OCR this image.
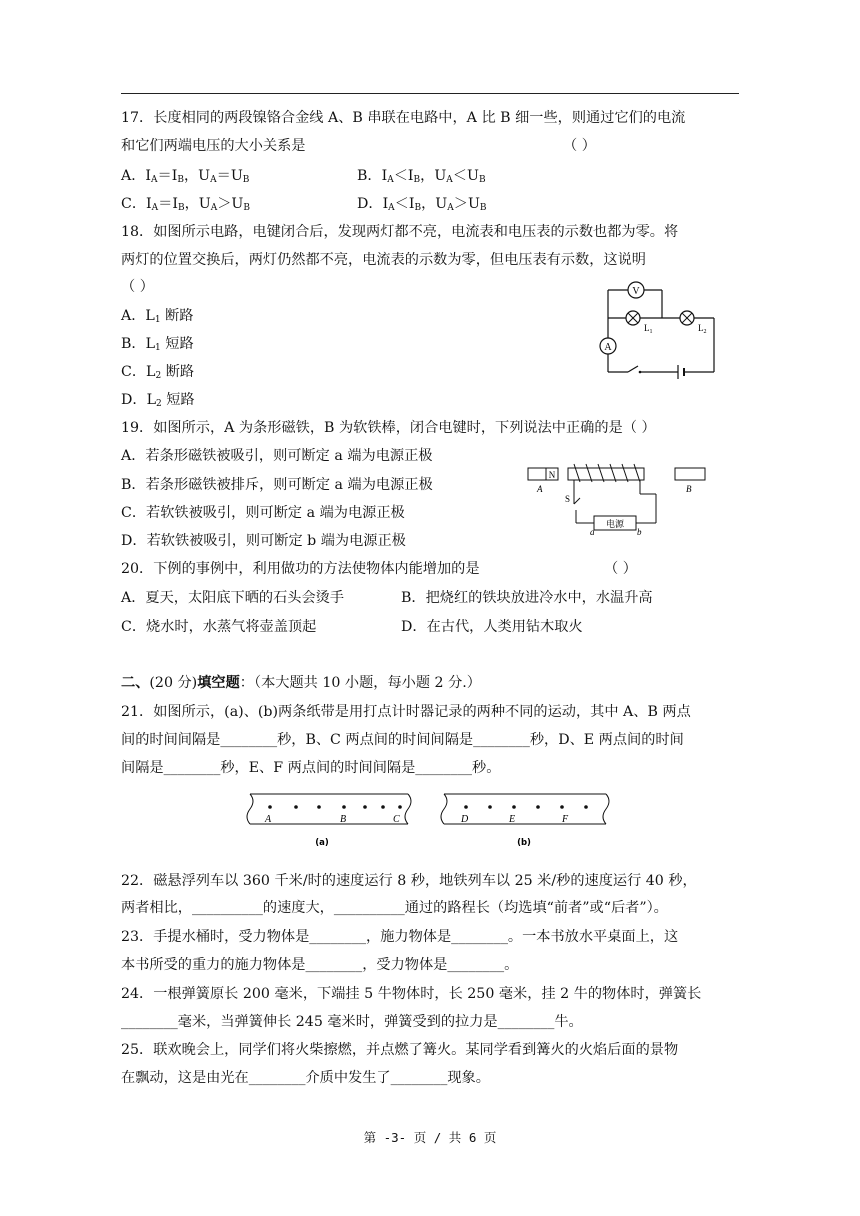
17．长度相同的两段镍铬合金线 A、B 串联在电路中，A 比 B 细一些，则通过它们的电流
和它们两端电压的大小关系是	（ ）
A．$I_A=I_B$，$U_A=U_B$	B．$I_A<I_B$，$U_A<U_B$
C．$I_A=I_B$，$U_A>U_B$	D．$I_A<I_B$，$U_A>U_B$
18．如图所示电路，电键闭合后，发现两灯都不亮，电流表和电压表的示数也都为零。将
两灯的位置交换后，两灯仍然都不亮，电流表的示数为零，但电压表有示数，这说明
（ ）
A．$L_1$ 断路
B．$L_1$ 短路
C．$L_2$ 断路
D．$L_2$ 短路
V
$L_1$	$L_2$
A
19．如图所示，A 为条形磁铁，B 为软铁棒，闭合电键时，下列说法中正确的是（ ）
A．若条形磁铁被吸引，则可断定 a 端为电源正极
B．若条形磁铁被排斥，则可断定 a 端为电源正极
C．若软铁被吸引，则可断定 a 端为电源正极
D．若软铁被吸引，则可断定 b 端为电源正极
N
A	B
S
电源
a	b
20．下例的事例中，利用做功的方法使物体内能增加的是	（ ）
A．夏天，太阳底下晒的石头会烫手	B．把烧红的铁块放进冷水中，水温升高
C．烧水时，水蒸气将壶盖顶起	D．在古代，人类用钻木取火
二、(20 分)填空题：（本大题共 10 小题，每小题 2 分.）
21．如图所示，(a)、(b)两条纸带是用打点计时器记录的两种不同的运动，其中 A、B 两点
间的时间间隔是________秒，B、C 两点间的时间间隔是________秒，D、E 两点间的时间
间隔是________秒，E、F 两点间的时间间隔是________秒。
A	B	C	D	E	F
(a)	(b)
22．磁悬浮列车以 360 千米/时的速度运行 8 秒，地铁列车以 25 米/秒的速度运行 40 秒，
两者相比，__________的速度大，__________通过的路程长（均选填“前者”或“后者”）。
23．手提水桶时，受力物体是________，施力物体是________。一本书放水平桌面上，这
本书所受的重力的施力物体是________，受力物体是________。
24．一根弹簧原长 200 毫米，下端挂 5 牛物体时，长 250 毫米，挂 2 牛的物体时，弹簧长
________毫米，当弹簧伸长 245 毫米时，弹簧受到的拉力是________牛。
25．联欢晚会上，同学们将火柴擦燃，并点燃了篝火。某同学看到篝火的火焰后面的景物
在飘动，这是由光在________介质中发生了________现象。
第 -3- 页 / 共 6 页
